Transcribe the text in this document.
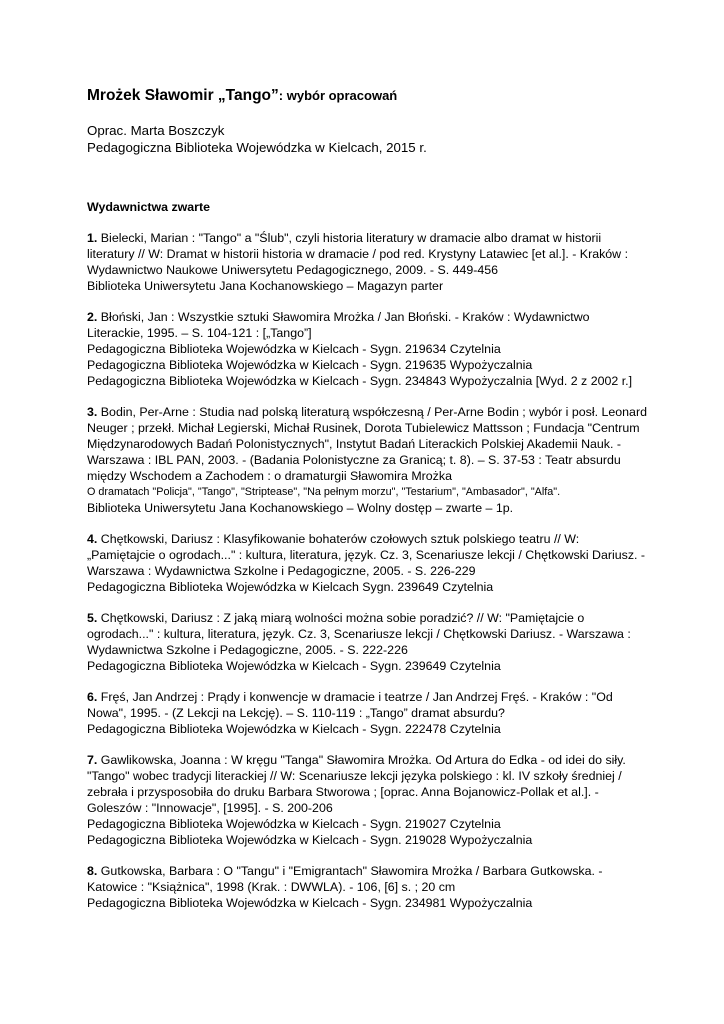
Mrożek Sławomir „Tango”: wybór opracowań
Oprac. Marta Boszczyk
Pedagogiczna Biblioteka Wojewódzka w Kielcach, 2015 r.
Wydawnictwa zwarte
1. Bielecki, Marian : "Tango" a "Ślub", czyli historia literatury w dramacie albo dramat w historii literatury // W: Dramat w historii historia w dramacie / pod red. Krystyny Latawiec [et al.]. - Kraków : Wydawnictwo Naukowe Uniwersytetu Pedagogicznego, 2009. - S. 449-456
Biblioteka Uniwersytetu Jana Kochanowskiego – Magazyn parter
2. Błoński, Jan : Wszystkie sztuki Sławomira Mrożka / Jan Błoński. - Kraków : Wydawnictwo Literackie, 1995. – S. 104-121 : [„Tango”]
Pedagogiczna Biblioteka Wojewódzka w Kielcach - Sygn. 219634 Czytelnia
Pedagogiczna Biblioteka Wojewódzka w Kielcach - Sygn. 219635 Wypożyczalnia
Pedagogiczna Biblioteka Wojewódzka w Kielcach - Sygn. 234843 Wypożyczalnia [Wyd. 2 z 2002 r.]
3. Bodin, Per-Arne : Studia nad polską literaturą współczesną / Per-Arne Bodin ; wybór i posł. Leonard Neuger ; przekł. Michał Legierski, Michał Rusinek, Dorota Tubielewicz Mattsson ; Fundacja "Centrum Międzynarodowych Badań Polonistycznych", Instytut Badań Literackich Polskiej Akademii Nauk. - Warszawa : IBL PAN, 2003. - (Badania Polonistyczne za Granicą; t. 8). – S. 37-53 : Teatr absurdu między Wschodem a Zachodem : o dramaturgii Sławomira Mrożka
O dramatach "Policja", "Tango", "Striptease", "Na pełnym morzu", "Testarium", "Ambasador", "Alfa".
Biblioteka Uniwersytetu Jana Kochanowskiego – Wolny dostęp – zwarte – 1p.
4. Chętkowski, Dariusz : Klasyfikowanie bohaterów czołowych sztuk polskiego teatru // W: „Pamiętajcie o ogrodach..." : kultura, literatura, język. Cz. 3, Scenariusze lekcji / Chętkowski Dariusz. - Warszawa : Wydawnictwa Szkolne i Pedagogiczne, 2005. - S. 226-229
Pedagogiczna Biblioteka Wojewódzka w Kielcach Sygn. 239649 Czytelnia
5. Chętkowski, Dariusz : Z jaką miarą wolności można sobie poradzić? // W: "Pamiętajcie o ogrodach..." : kultura, literatura, język. Cz. 3, Scenariusze lekcji / Chętkowski Dariusz. - Warszawa : Wydawnictwa Szkolne i Pedagogiczne, 2005. - S. 222-226
Pedagogiczna Biblioteka Wojewódzka w Kielcach - Sygn. 239649 Czytelnia
6. Fręś, Jan Andrzej : Prądy i konwencje w dramacie i teatrze / Jan Andrzej Fręś. - Kraków : "Od Nowa", 1995. - (Z Lekcji na Lekcję). – S. 110-119 : „Tango” dramat absurdu?
Pedagogiczna Biblioteka Wojewódzka w Kielcach - Sygn. 222478 Czytelnia
7. Gawlikowska, Joanna : W kręgu "Tanga" Sławomira Mrożka. Od Artura do Edka - od idei do siły. "Tango" wobec tradycji literackiej // W: Scenariusze lekcji języka polskiego : kl. IV szkoły średniej / zebrała i przysposobiła do druku Barbara Stworowa ; [oprac. Anna Bojanowicz-Pollak et al.]. - Goleszów : "Innowacje", [1995]. - S. 200-206
Pedagogiczna Biblioteka Wojewódzka w Kielcach - Sygn. 219027 Czytelnia
Pedagogiczna Biblioteka Wojewódzka w Kielcach - Sygn. 219028 Wypożyczalnia
8. Gutkowska, Barbara : O "Tangu" i "Emigrantach" Sławomira Mrożka / Barbara Gutkowska. - Katowice : "Książnica", 1998 (Krak. : DWWLA). - 106, [6] s. ; 20 cm
Pedagogiczna Biblioteka Wojewódzka w Kielcach - Sygn. 234981 Wypożyczalnia
